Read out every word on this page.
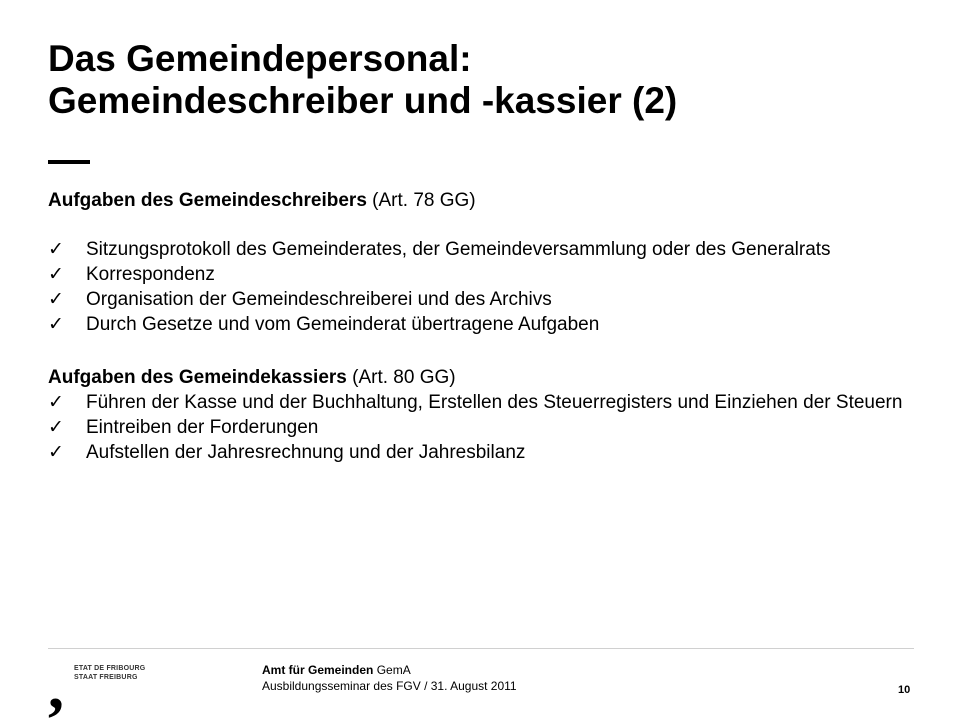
Das Gemeindepersonal:
Gemeindeschreiber und -kassier (2)

Aufgaben des Gemeindeschreibers (Art. 78 GG)

✓	Sitzungsprotokoll des Gemeinderates, der Gemeindeversammlung oder des Generalrats
✓	Korrespondenz
✓	Organisation der Gemeindeschreiberei und des Archivs
✓	Durch Gesetze und vom Gemeinderat übertragene Aufgaben

Aufgaben des Gemeindekassiers (Art. 80 GG)

✓	Führen der Kasse und der Buchhaltung, Erstellen des Steuerregisters und Einziehen der Steuern
✓	Eintreiben der Forderungen
✓	Aufstellen der Jahresrechnung und der Jahresbilanz
, ETAT DE FRIBOURG
STAAT FREIBURG
Amt für Gemeinden GemA
Ausbildungsseminar des FGV / 31. August 2011	10
